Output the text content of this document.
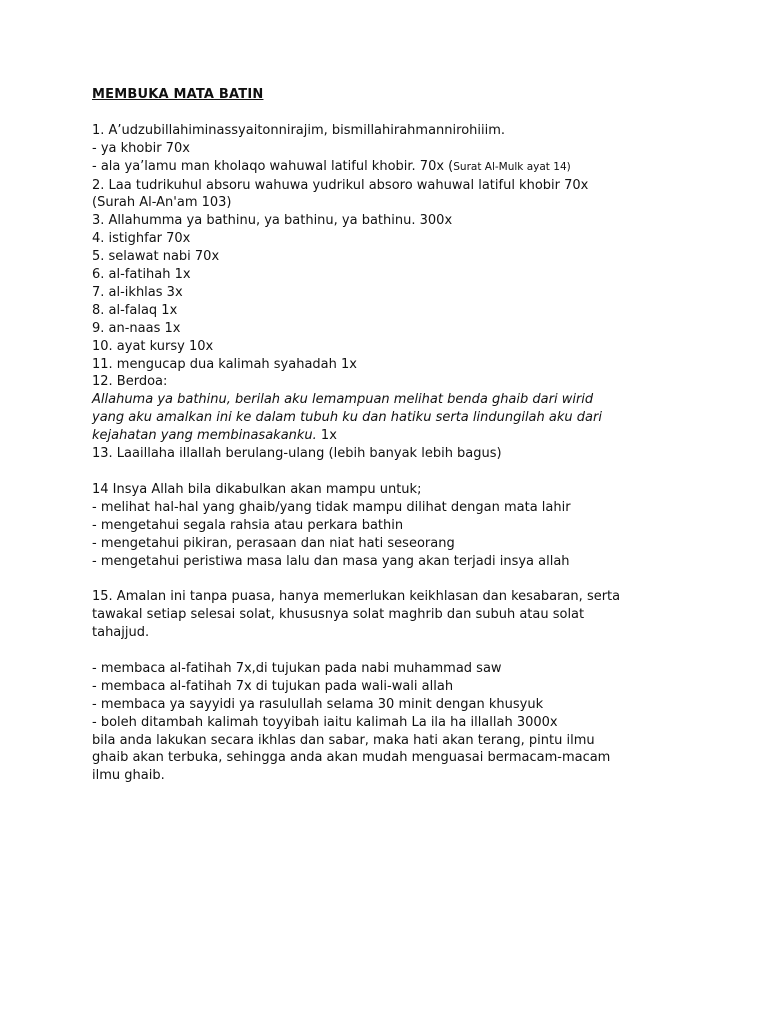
MEMBUKA MATA BATIN
1. A’udzubillahiminassyaitonnirajim, bismillahirahmannirohiiim.
- ya khobir 70x
- ala ya’lamu man kholaqo wahuwal latiful khobir. 70x (Surat Al-Mulk ayat 14)
2. Laa tudrikuhul absoru wahuwa yudrikul absoro wahuwal latiful khobir 70x
(Surah Al-An'am 103)
3. Allahumma ya bathinu, ya bathinu, ya bathinu. 300x
4. istighfar 70x
5. selawat nabi 70x
6. al-fatihah 1x
7. al-ikhlas 3x
8. al-falaq 1x
9. an-naas 1x
10. ayat kursy 10x
11. mengucap dua kalimah syahadah 1x
12. Berdoa:
Allahuma ya bathinu, berilah aku lemampuan melihat benda ghaib dari wirid
yang aku amalkan ini ke dalam tubuh ku dan hatiku serta lindungilah aku dari
kejahatan yang membinasakanku. 1x
13. Laaillaha illallah berulang-ulang (lebih banyak lebih bagus)
14 Insya Allah bila dikabulkan akan mampu untuk;
- melihat hal-hal yang ghaib/yang tidak mampu dilihat dengan mata lahir
- mengetahui segala rahsia atau perkara bathin
- mengetahui pikiran, perasaan dan niat hati seseorang
- mengetahui peristiwa masa lalu dan masa yang akan terjadi insya allah
15. Amalan ini tanpa puasa, hanya memerlukan keikhlasan dan kesabaran, serta
tawakal setiap selesai solat, khususnya solat maghrib dan subuh atau solat
tahajjud.
- membaca al-fatihah 7x,di tujukan pada nabi muhammad saw
- membaca al-fatihah 7x di tujukan pada wali-wali allah
- membaca ya sayyidi ya rasulullah selama 30 minit dengan khusyuk
- boleh ditambah kalimah toyyibah iaitu kalimah La ila ha illallah 3000x
bila anda lakukan secara ikhlas dan sabar, maka hati akan terang, pintu ilmu
ghaib akan terbuka, sehingga anda akan mudah menguasai bermacam-macam
ilmu ghaib.
